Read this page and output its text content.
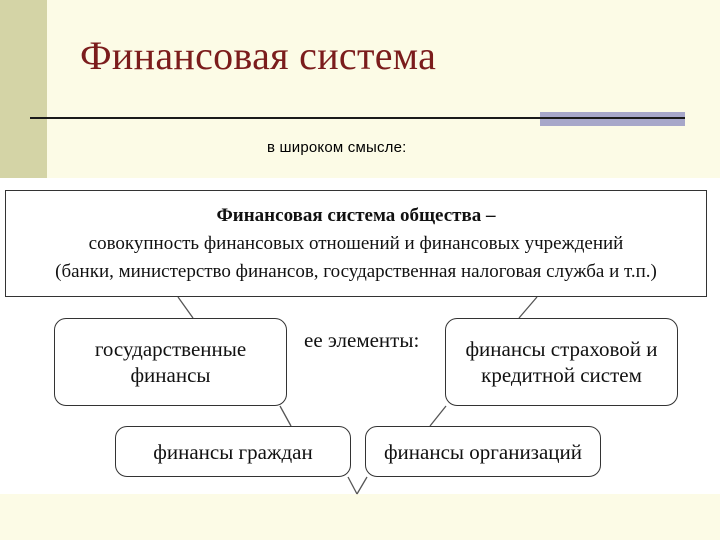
Финансовая система
в широком смысле:
Финансовая система общества –
совокупность финансовых отношений и финансовых учреждений
(банки, министерство финансов, государственная налоговая служба и т.п.)
ее элементы:
государственные финансы
финансы страховой и кредитной систем
финансы граждан	финансы организаций
